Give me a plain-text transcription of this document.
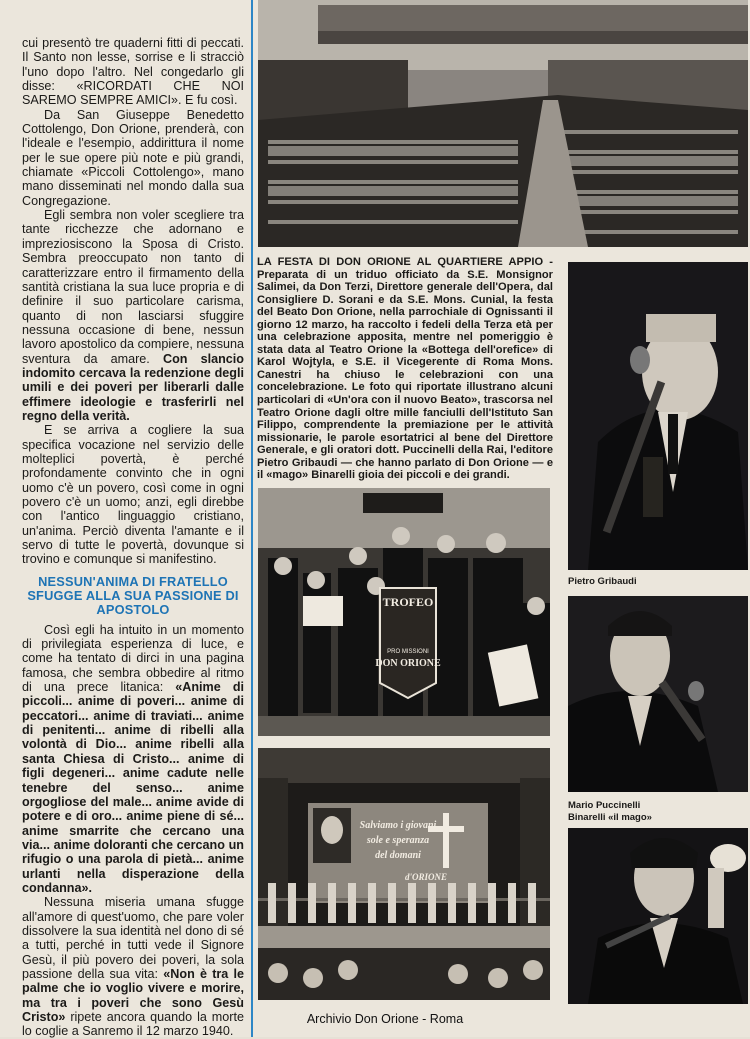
cui presentò tre quaderni fitti di peccati. Il Santo non lesse, sorrise e li stracciò l'uno dopo l'altro. Nel congedarlo gli disse: «RICORDATI CHE NOI SAREMO SEMPRE AMICI». E fu così.

Da San Giuseppe Benedetto Cottolengo, Don Orione, prenderà, con l'ideale e l'esempio, addirittura il nome per le sue opere più note e più grandi, chiamate «Piccoli Cottolengo», mano mano disseminati nel mondo dalla sua Congregazione.

Egli sembra non voler scegliere tra tante ricchezze che adornano e impreziosiscono la Sposa di Cristo. Sembra preoccupato non tanto di caratterizzare entro il firmamento della santità cristiana la sua luce propria e di definire il suo particolare carisma, quanto di non lasciarsi sfuggire nessuna occasione di bene, nessun lavoro apostolico da compiere, nessuna sventura da amare. Con slancio indomito cercava la redenzione degli umili e dei poveri per liberarli dalle effimere ideologie e trasferirli nel regno della verità.

E se arriva a cogliere la sua specifica vocazione nel servizio delle molteplici povertà, è perché profondamente convinto che in ogni uomo c'è un povero, così come in ogni povero c'è un uomo; anzi, egli direbbe con l'antico linguaggio cristiano, un'anima. Perciò diventa l'amante e il servo di tutte le povertà, dovunque si trovino e comunque si manifestino.

NESSUN'ANIMA DI FRATELLO SFUGGE ALLA SUA PASSIONE DI APOSTOLO

Così egli ha intuito in un momento di privilegiata esperienza di luce, e come ha tentato di dirci in una pagina famosa, che sembra obbedire al ritmo di una prece litanica: «Anime di piccoli... anime di poveri... anime di peccatori... anime di traviati... anime di penitenti... anime di ribelli alla volontà di Dio... anime ribelli alla santa Chiesa di Cristo... anime di figli degeneri... anime cadute nelle tenebre del senso... anime orgogliose del male... anime avide di potere e di oro... anime piene di sé... anime smarrite che cercano una via... anime doloranti che cercano un rifugio o una parola di pietà... anime urlanti nella disperazione della condanna».

Nessuna miseria umana sfugge all'amore di quest'uomo, che pare voler dissolvere la sua identità nel dono di sé a tutti, perché in tutti vede il Signore Gesù, il più povero dei poveri, la sola passione della sua vita: «Non è tra le palme che io voglio vivere e morire, ma tra i poveri che sono Gesù Cristo» ripete ancora quando la morte lo coglie a Sanremo il 12 marzo 1940.

LA FESTA DI DON ORIONE AL QUARTIERE APPIO - Preparata di un triduo officiato da S.E. Monsignor Salimei, da Don Terzi, Direttore generale dell'Opera, dal Consigliere D. Sorani e da S.E. Mons. Cunial, la festa del Beato Don Orione, nella parrochiale di Ognissanti il giorno 12 marzo, ha raccolto i fedeli della Terza età per una celebrazione apposita, mentre nel pomeriggio è stata data al Teatro Orione la «Bottega dell'orefice» di Karol Wojtyla, e S.E. il Vicegerente di Roma Mons. Canestri ha chiuso le celebrazioni con una concelebrazione. Le foto qui riportate illustrano alcuni particolari di «Un'ora con il nuovo Beato», trascorsa nel Teatro Orione dagli oltre mille fanciulli dell'Istituto San Filippo, comprendente la premiazione per le attività missionarie, le parole esortatrici al bene del Direttore Generale, e gli oratori dott. Puccinelli della Rai, l'editore Pietro Gribaudi — che hanno parlato di Don Orione — e il «mago» Binarelli gioia dei piccoli e dei grandi.
Pietro Gribaudi
TROFEO
PRO MISSIONI
DON ORIONE
Mario Puccinelli
Binarelli «il mago»
Salviamo i giovani
sole e speranza
del domani
d'ORIONE
Archivio Don Orione - Roma
